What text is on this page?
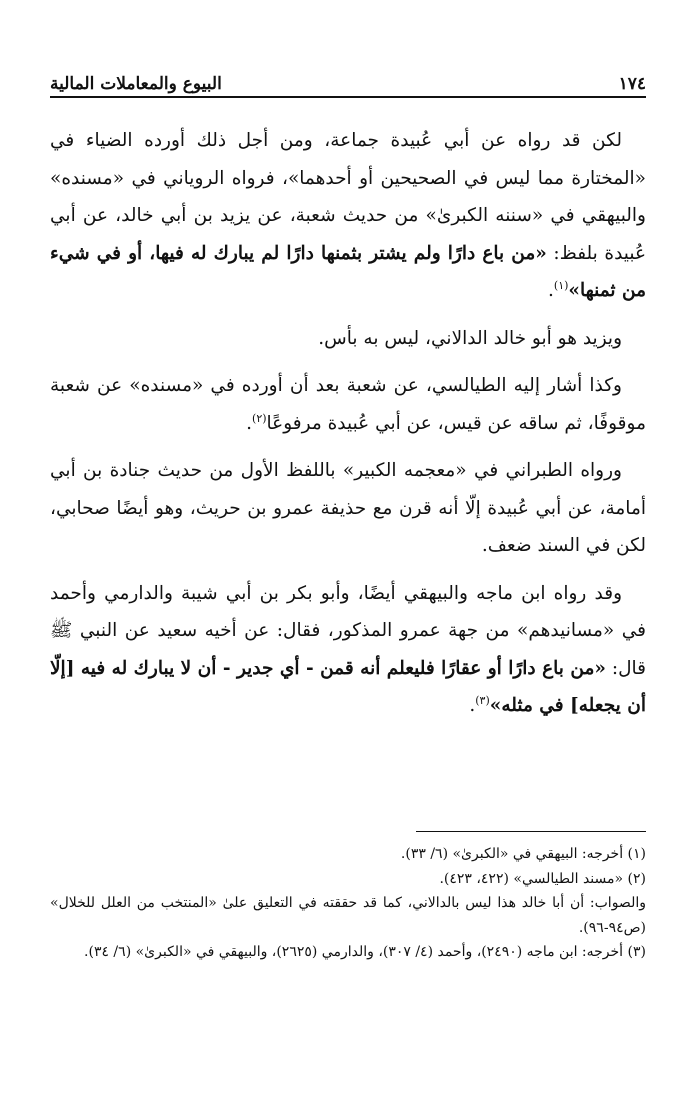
البيوع والمعاملات المالية	١٧٤

لكن قد رواه عن أبي عُبيدة جماعة، ومن أجل ذلك أورده الضياء في «المختارة مما ليس في الصحيحين أو أحدهما»، فرواه الروياني في «مسنده» والبيهقي في «سننه الكبرىٰ» من حديث شعبة، عن يزيد بن أبي خالد، عن أبي عُبيدة بلفظ: «من باع دارًا ولم يشتر بثمنها دارًا لم يبارك له فيها، أو في شيء من ثمنها»$^{(١)}$.

ويزيد هو أبو خالد الدالاني، ليس به بأس.

وكذا أشار إليه الطيالسي، عن شعبة بعد أن أورده في «مسنده» عن شعبة موقوفًا، ثم ساقه عن قيس، عن أبي عُبيدة مرفوعًا$^{(٢)}$.

ورواه الطبراني في «معجمه الكبير» باللفظ الأول من حديث جنادة بن أبي أمامة، عن أبي عُبيدة إلّا أنه قرن مع حذيفة عمرو بن حريث، وهو أيضًا صحابي، لكن في السند ضعف.

وقد رواه ابن ماجه والبيهقي أيضًا، وأبو بكر بن أبي شيبة والدارمي وأحمد في «مسانيدهم» من جهة عمرو المذكور، فقال: عن أخيه سعيد عن النبي ﷺ قال: «من باع دارًا أو عقارًا فليعلم أنه قمن - أي جدير - أن لا يبارك له فيه [إلّا أن يجعله] في مثله»$^{(٣)}$.

(١) أخرجه: البيهقي في «الكبرىٰ» (٦/ ٣٣).

(٢) «مسند الطيالسي» (٤٢٢، ٤٢٣).

والصواب: أن أبا خالد هذا ليس بالدالاني، كما قد حققته في التعليق علىٰ «المنتخب من العلل للخلال» (ص٩٤-٩٦).

(٣) أخرجه: ابن ماجه (٢٤٩٠)، وأحمد (٤/ ٣٠٧)، والدارمي (٢٦٢٥)، والبيهقي في «الكبرىٰ» (٦/ ٣٤).
